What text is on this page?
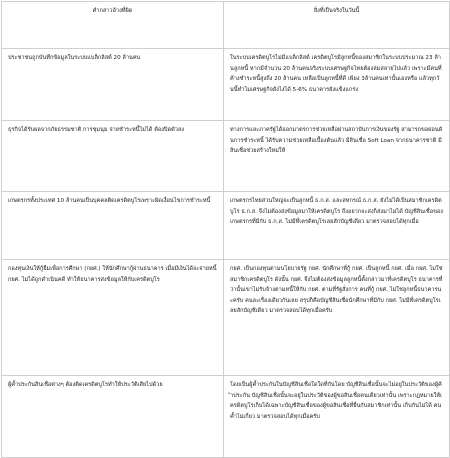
คำกล่าวอ้างที่ผิด	สิ่งที่เป็นจริงในวันนี้
ประชาชนถูกบันทึกข้อมูลในระบบแบล็กลิสต์ 20 ล้านคน	ในระบบเครดิตบูโรไม่มีแบล็กลิสต์ เครดิตบูโรมีลูกหนี้ของสมาชิกในระบบประมาณ 23 ล้านลูกหนี้ หากมีจำนวน 20 ล้านคนจริงระบบเศรษฐกิจไทยต้องล่มสลายไปแล้ว เพราะมีคนที่ค้างชำระหนี้สูงถึง 20 ล้านคน เหลือเป็นลูกหนี้ที่ดี เพียง 3ล้านคนเท่านั้นเองหรือ แล้วทุกวันนี้ทำไมเศรษฐกิจยังไงได้ 5-6% ธนาคารยังแข็งแกร่ง
ธุรกิจได้รับผลจากภัยธรรมชาติ การชุมนุม จ่ายชำระหนี้ไม่ได้ ต้องปิดตัวลง	ทางการและภาครัฐได้ออกมาตรการช่วยเหลือผ่านสถาบันการเงินของรัฐ สามารถขอผ่อนผันการชำระหนี้ ได้รับความช่วยเหลือเบื้องต้นแล้ว มีสินเชื่อ Soft Loan จากธนาคารชาติ มีสินเชื่อช่วยสร้างใหม่ให้
เกษตรกรทั้งประเทศ 10 ล้านคนเป็นบุคคลติดเครดิตบูโรเพราะผิดเงื่อนไขการชำระหนี้	เกษตรกรไทยส่วนใหญ่จะเป็นลูกหนี้ ธ.ก.ส. และสหกรณ์ ธ.ก.ส. ยังไม่ได้เป็นสมาชิกเครดิตบูโร ธ.ก.ส. จึงไม่ต้องส่งข้อมูลมาให้เครดิตบูโร ถึงอยากจะส่งก็ส่งมาไม่ได้ บัญชีสินเชื่อของเกษตรกรที่มีกับ ธ.ก.ส. ไม่มีที่เครดิตบูโรเลยสักบัญชีเดียว มาตรวจสอบได้ทุกเมื่อ
กองทุนเงินให้กู้ยืมเพื่อการศึกษา (กยศ.) ให้นักศึกษากู้ผ่านธนาคาร เมื่อมีเงินได้จะจ่ายหนี้ กยศ. ไม่ได้ถูกดำเนินคดี ทำให้ธนาคารส่งข้อมูลให้กับเครดิตบูโร	กยศ. เป็นกองทุนตามนโยบายรัฐ กยศ. นักศึกษาที่กู้ กยศ. เป็นลูกหนี้ กยศ. เมื่อ กยศ. ไม่ใช่สมาชิกเครดิตบูโร ดังนั้น กยศ. จึงไม่ต้องส่งข้อมูลลูกหนี้ตั้งกล่าวมาที่เครดิตบูโร ธนาคารที่ว่านั้นเขาไม่รับจ้างตามหนี้ให้กับ กยศ. ตามที่รัฐสั่งการ คนที่กู้ กยศ. ไม่ใช่ลูกหนี้ธนาคารนะครับ คนละเรื่องเดียวกันเลย สรุปก็คือบัญชีสินเชื่อนักศึกษาที่มีกับ กยศ. ไม่มีที่เครดิตบูโรเลยสักบัญชีเดียว มาตรวจสอบได้ทุกเมื่อครับ
ผู้ค้ำประกันสินเชื่อต่างๆ ต้องติดเครดิตบูโรทำให้ประวัติเสียไปด้วย	โดยเป็นผู้ค้ำประกันในบัญชีสินเชื่อใดใดที่กันโดย บัญชีสินเชื่อนั้นจะไม่อยู่ในประวัติของผู้ค้ำประกัน บัญชีสินเชื่อนั้นจะอยู่ในประวัติของผู้ขอสินเชื่อคนเดียวเท่านั้น เพราะกฎหมายให้เครดิตบูโรเก็บได้เฉพาะบัญชีสินเชื่อของผู้ขอสินเชื่อที่ยื่นกับสมาชิกเท่านั้น เก็บกันไม่ได้ คนค้ำไม่เกี่ยว มาตรวจสอบได้ทุกเมื่อครับ
